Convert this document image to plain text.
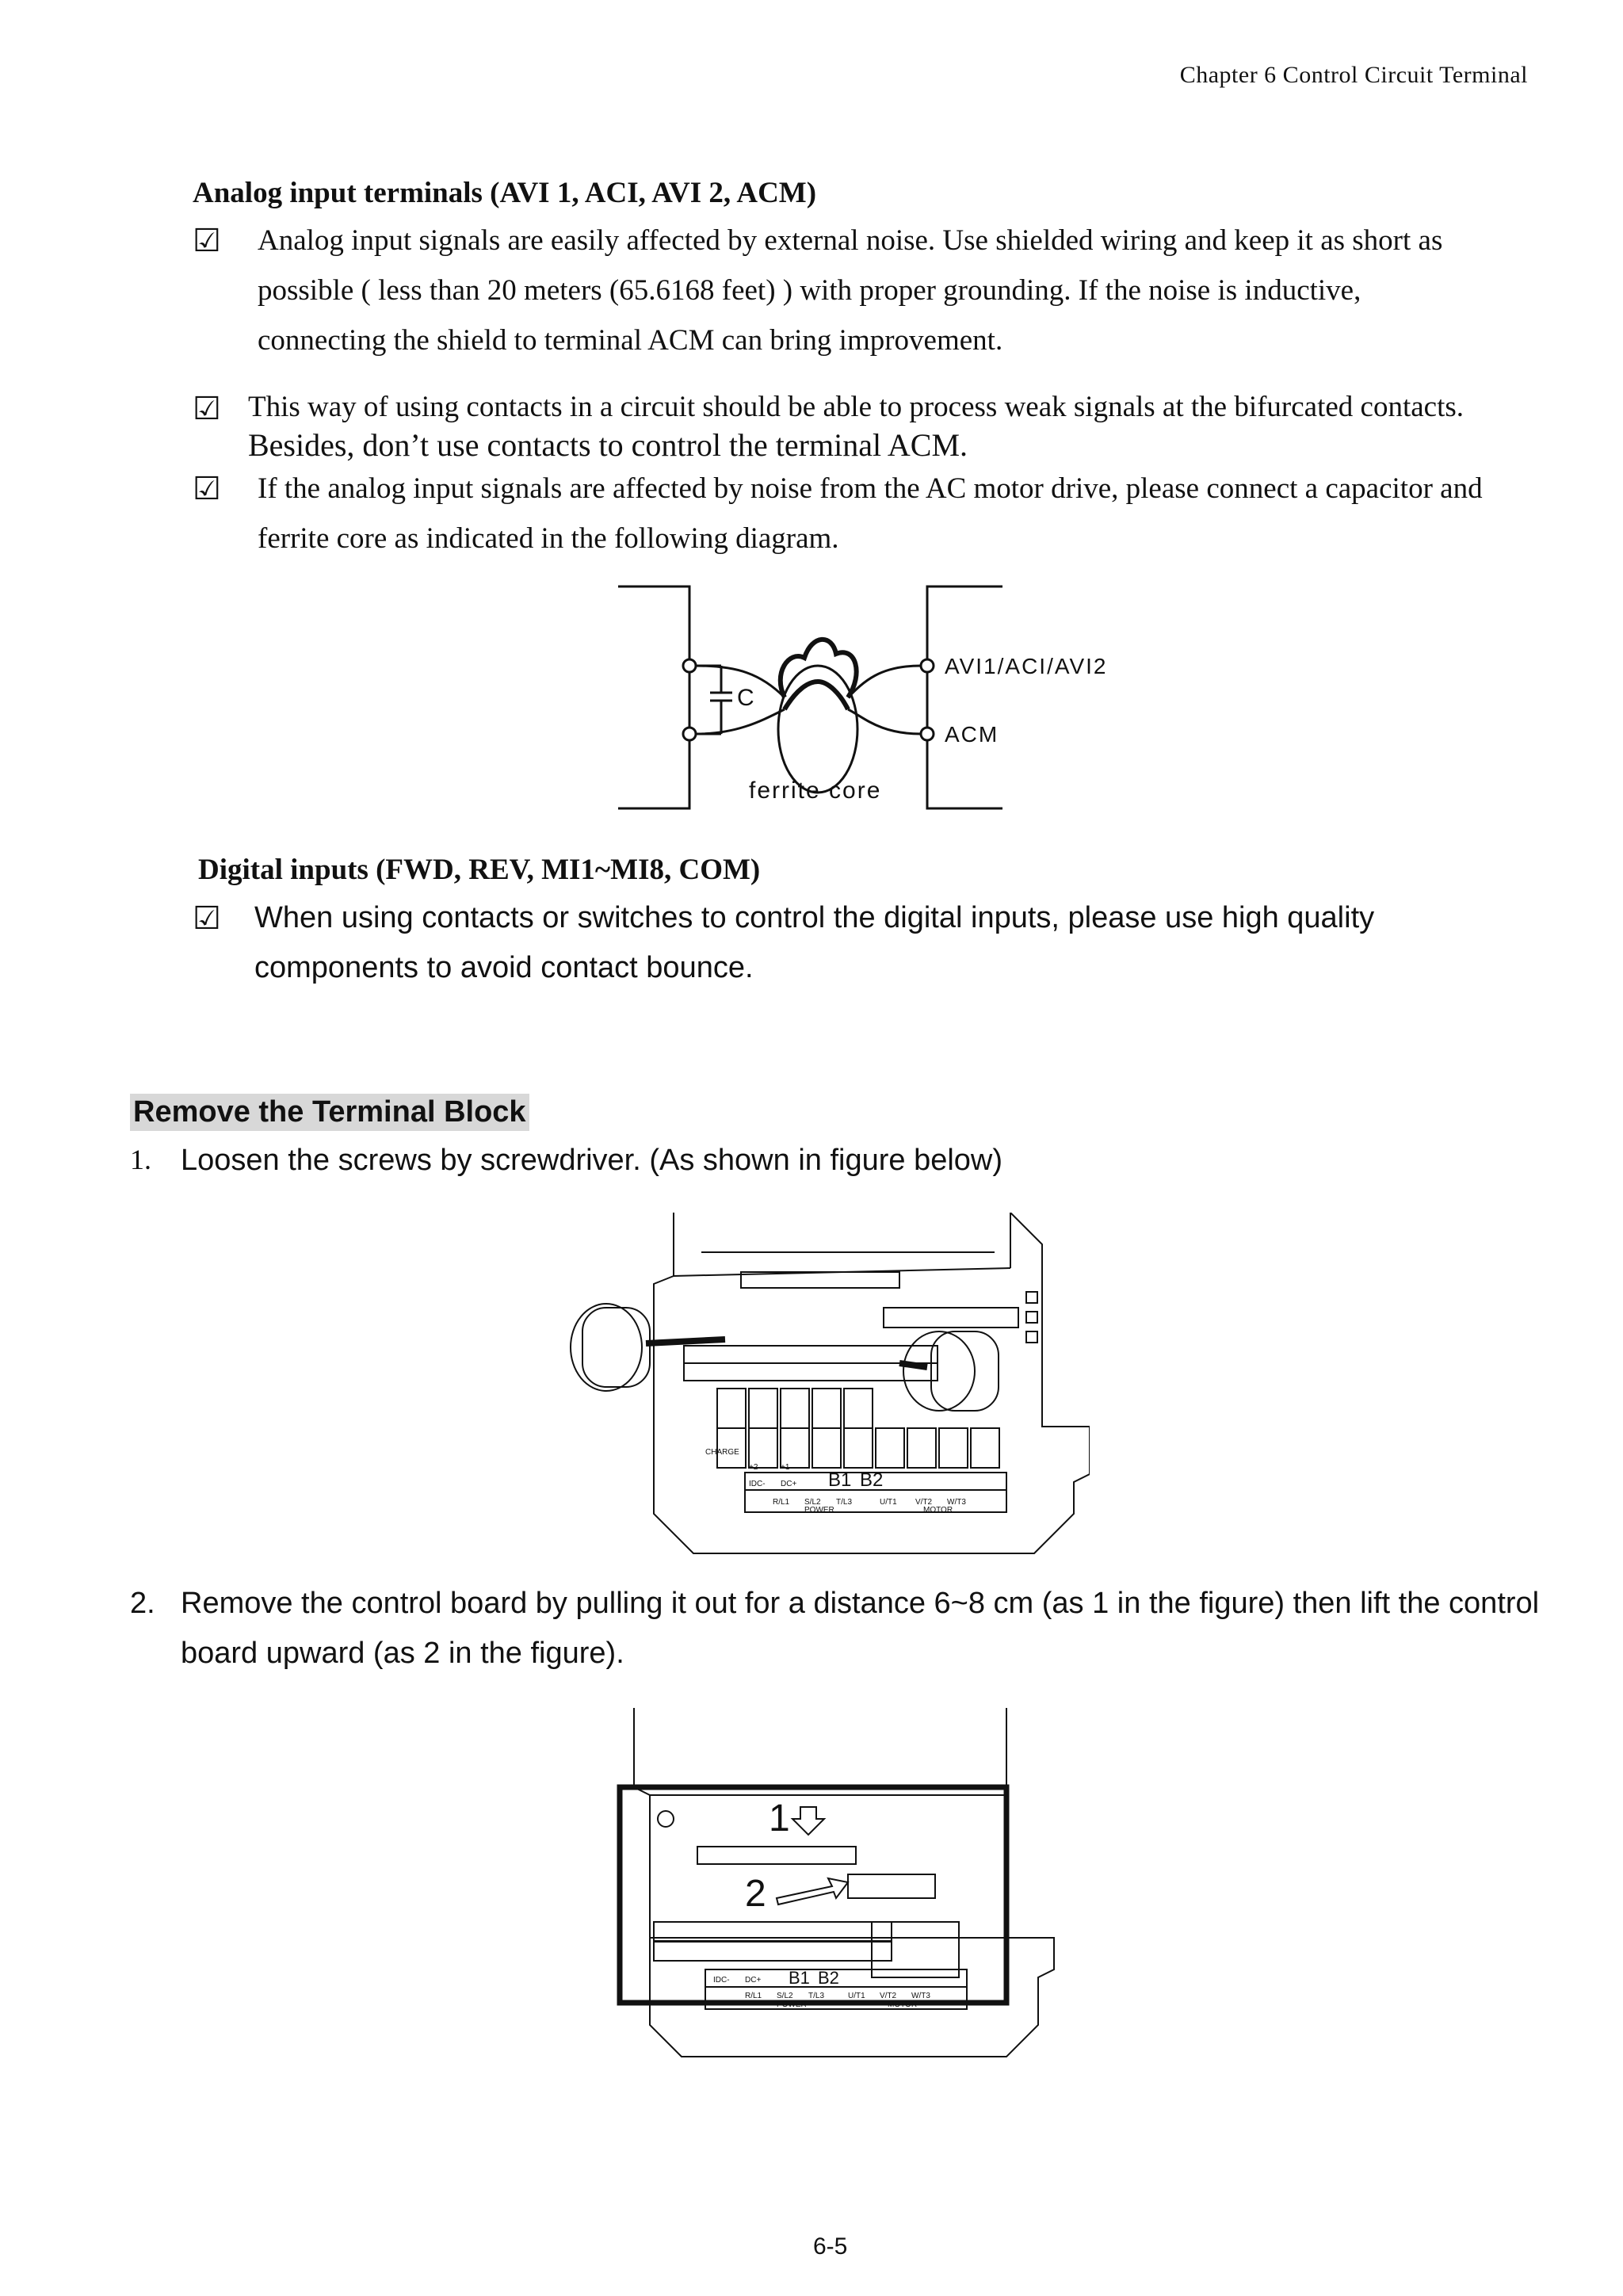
Chapter 6 Control Circuit Terminal
Analog input terminals (AVI 1, ACI, AVI 2, ACM)
☑ Analog input signals are easily affected by external noise. Use shielded wiring and keep it as short as
possible ( less than 20 meters (65.6168 feet) ) with proper grounding. If the noise is inductive,
connecting the shield to terminal ACM can bring improvement.
☑ This way of using contacts in a circuit should be able to process weak signals at the bifurcated contacts.
Besides, don’t use contacts to control the terminal ACM.
☑ If the analog input signals are affected by noise from the AC motor drive, please connect a capacitor and
ferrite core as indicated in the following diagram.
C
AVI1/ACI/AVI2
ACM
ferrite core
Digital inputs (FWD, REV, MI1~MI8, COM)
☑ When using contacts or switches to control the digital inputs, please use high quality
components to avoid contact bounce.
Remove the Terminal Block
1. Loosen the screws by screwdriver. (As shown in figure below)
CHARGE
+2	+1
IDC- DC+ B1 B2
R/L1 S/L2 T/L3	U/T1 V/T2 W/T3
POWER	MOTOR
2. Remove the control board by pulling it out for a distance 6~8 cm (as 1 in the figure) then lift the control
board upward (as 2 in the figure).
1
2
IDC- DC+ B1 B2
R/L1 S/L2 T/L3	U/T1 V/T2 W/T3
POWER	MOTOR
6-5
